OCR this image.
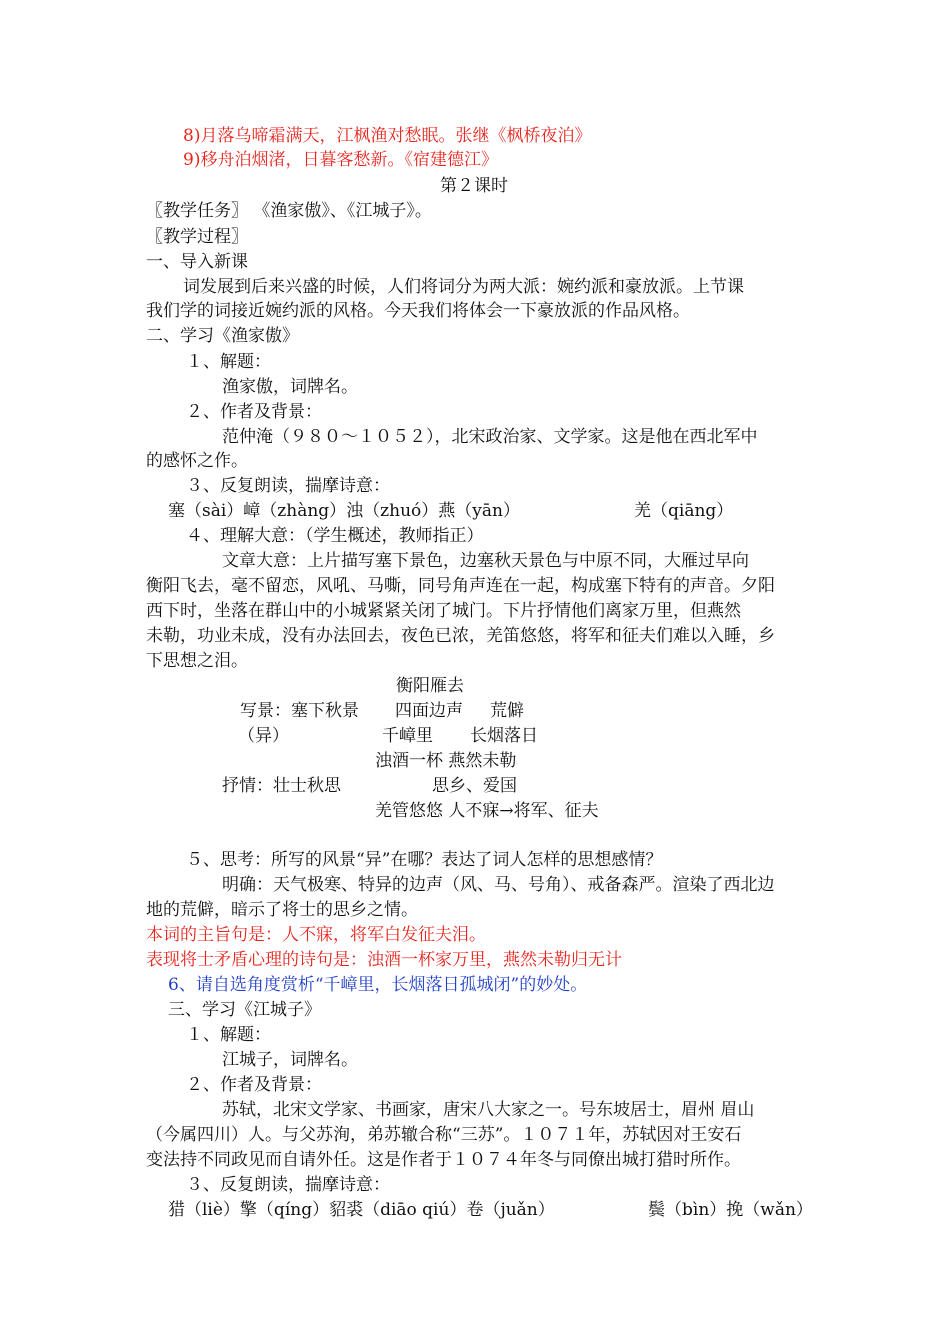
8)月落乌啼霜满天，江枫渔对愁眠。张继《枫桥夜泊》
9)移舟泊烟渚，日暮客愁新。《宿建德江》
第２课时
〖教学任务〗 《渔家傲》、《江城子》。
〖教学过程〗
一、导入新课
词发展到后来兴盛的时候，人们将词分为两大派：婉约派和豪放派。上节课
我们学的词接近婉约派的风格。今天我们将体会一下豪放派的作品风格。
二、学习《渔家傲》
１、解题：
渔家傲，词牌名。
２、作者及背景：
范仲淹（９８０～１０５２），北宋政治家、文学家。这是他在西北军中
的感怀之作。
３、反复朗读，揣摩诗意：
塞（sài）嶂（zhàng）浊（zhuó）燕（yān）	羌（qiāng）
４、理解大意：（学生概述，教师指正）
文章大意：上片描写塞下景色，边塞秋天景色与中原不同，大雁过早向
衡阳飞去，毫不留恋，风吼、马嘶，同号角声连在一起，构成塞下特有的声音。夕阳
西下时，坐落在群山中的小城紧紧关闭了城门。下片抒情他们离家万里，但燕然
未勒，功业未成，没有办法回去，夜色已浓，羌笛悠悠，将军和征夫们难以入睡，乡
下思想之泪。
衡阳雁去
写景：塞下秋景 四面边声 荒僻
（异）	千嶂里 长烟落日
浊酒一杯 燕然未勒
抒情：壮士秋思	思乡、爱国
羌管悠悠 人不寐→将军、征夫
５、思考：所写的风景“异”在哪？表达了词人怎样的思想感情？
明确：天气极寒、特异的边声（风、马、号角）、戒备森严。渲染了西北边
地的荒僻，暗示了将士的思乡之情。
本词的主旨句是：人不寐，将军白发征夫泪。
表现将士矛盾心理的诗句是：浊酒一杯家万里，燕然未勒归无计
6、请自选角度赏析“千嶂里，长烟落日孤城闭”的妙处。
三、学习《江城子》
１、解题：
江城子，词牌名。
２、作者及背景：
苏轼，北宋文学家、书画家，唐宋八大家之一。号东坡居士，眉州 眉山
（今属四川）人。与父苏洵，弟苏辙合称“三苏”。１０７１年，苏轼因对王安石
变法持不同政见而自请外任。这是作者于１０７４年冬与同僚出城打猎时所作。
３、反复朗读，揣摩诗意：
猎（liè）擎（qíng）貂裘（diāo qiú）卷（juǎn）	鬓（bìn）挽（wǎn）
